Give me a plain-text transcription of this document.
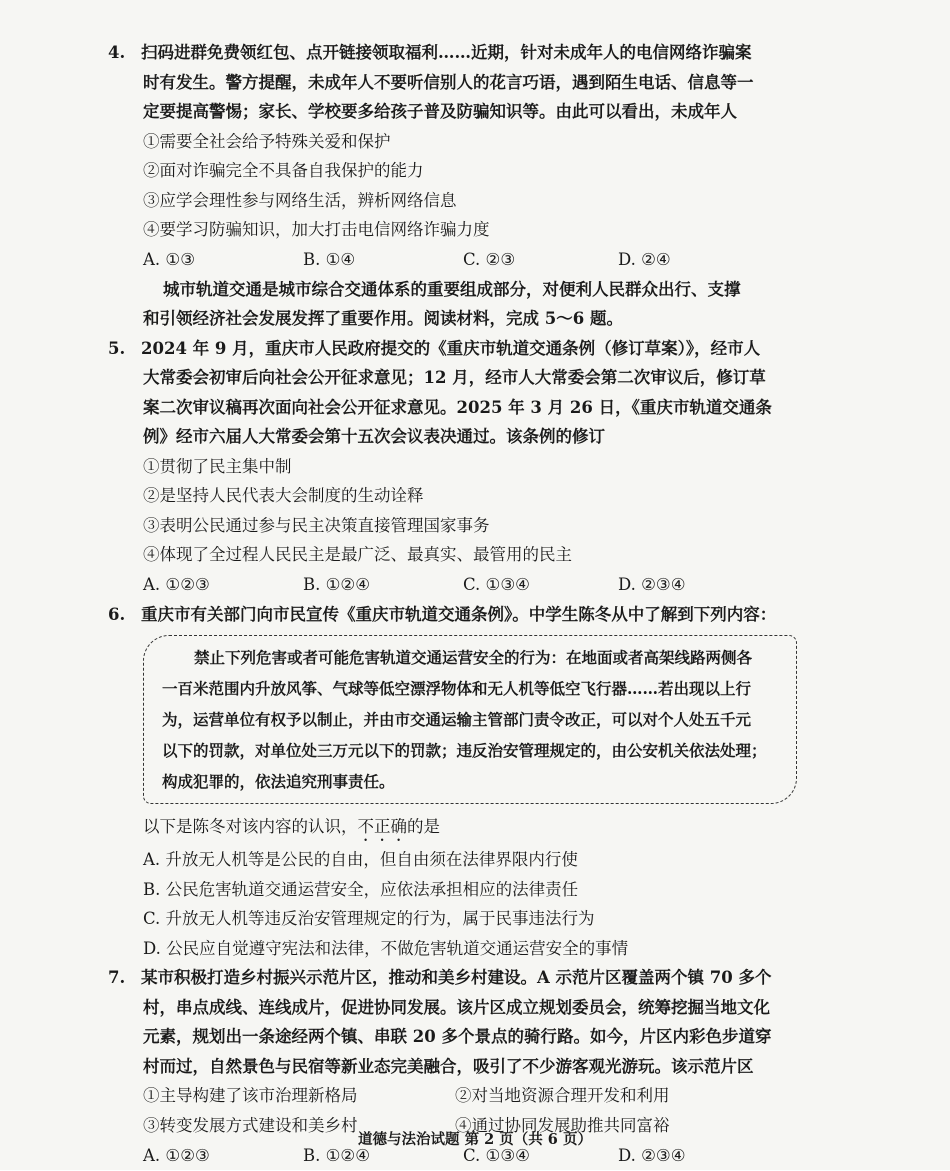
4. 扫码进群免费领红包、点开链接领取福利……近期，针对未成年人的电信网络诈骗案
时有发生。警方提醒，未成年人不要听信别人的花言巧语，遇到陌生电话、信息等一
定要提高警惕；家长、学校要多给孩子普及防骗知识等。由此可以看出，未成年人
①需要全社会给予特殊关爱和保护
②面对诈骗完全不具备自我保护的能力
③应学会理性参与网络生活，辨析网络信息
④要学习防骗知识，加大打击电信网络诈骗力度
A. ①③	B. ①④	C. ②③	D. ②④
城市轨道交通是城市综合交通体系的重要组成部分，对便利人民群众出行、支撑
和引领经济社会发展发挥了重要作用。阅读材料，完成 5～6 题。
5. 2024 年 9 月，重庆市人民政府提交的《重庆市轨道交通条例（修订草案）》，经市人
大常委会初审后向社会公开征求意见；12 月，经市人大常委会第二次审议后，修订草
案二次审议稿再次面向社会公开征求意见。2025 年 3 月 26 日，《重庆市轨道交通条
例》经市六届人大常委会第十五次会议表决通过。该条例的修订
①贯彻了民主集中制
②是坚持人民代表大会制度的生动诠释
③表明公民通过参与民主决策直接管理国家事务
④体现了全过程人民民主是最广泛、最真实、最管用的民主
A. ①②③	B. ①②④	C. ①③④	D. ②③④
6. 重庆市有关部门向市民宣传《重庆市轨道交通条例》。中学生陈冬从中了解到下列内容：
禁止下列危害或者可能危害轨道交通运营安全的行为：在地面或者高架线路两侧各
一百米范围内升放风筝、气球等低空漂浮物体和无人机等低空飞行器……若出现以上行
为，运营单位有权予以制止，并由市交通运输主管部门责令改正，可以对个人处五千元
以下的罚款，对单位处三万元以下的罚款；违反治安管理规定的，由公安机关依法处理；
构成犯罪的，依法追究刑事责任。
以下是陈冬对该内容的认识，不正确的是
A. 升放无人机等是公民的自由，但自由须在法律界限内行使
B. 公民危害轨道交通运营安全，应依法承担相应的法律责任
C. 升放无人机等违反治安管理规定的行为，属于民事违法行为
D. 公民应自觉遵守宪法和法律，不做危害轨道交通运营安全的事情
7. 某市积极打造乡村振兴示范片区，推动和美乡村建设。A 示范片区覆盖两个镇 70 多个
村，串点成线、连线成片，促进协同发展。该片区成立规划委员会，统筹挖掘当地文化
元素，规划出一条途经两个镇、串联 20 多个景点的骑行路。如今，片区内彩色步道穿
村而过，自然景色与民宿等新业态完美融合，吸引了不少游客观光游玩。该示范片区
①主导构建了该市治理新格局	②对当地资源合理开发和利用
③转变发展方式建设和美乡村	④通过协同发展助推共同富裕
A. ①②③	B. ①②④	C. ①③④	D. ②③④
道德与法治试题 第 2 页（共 6 页）
